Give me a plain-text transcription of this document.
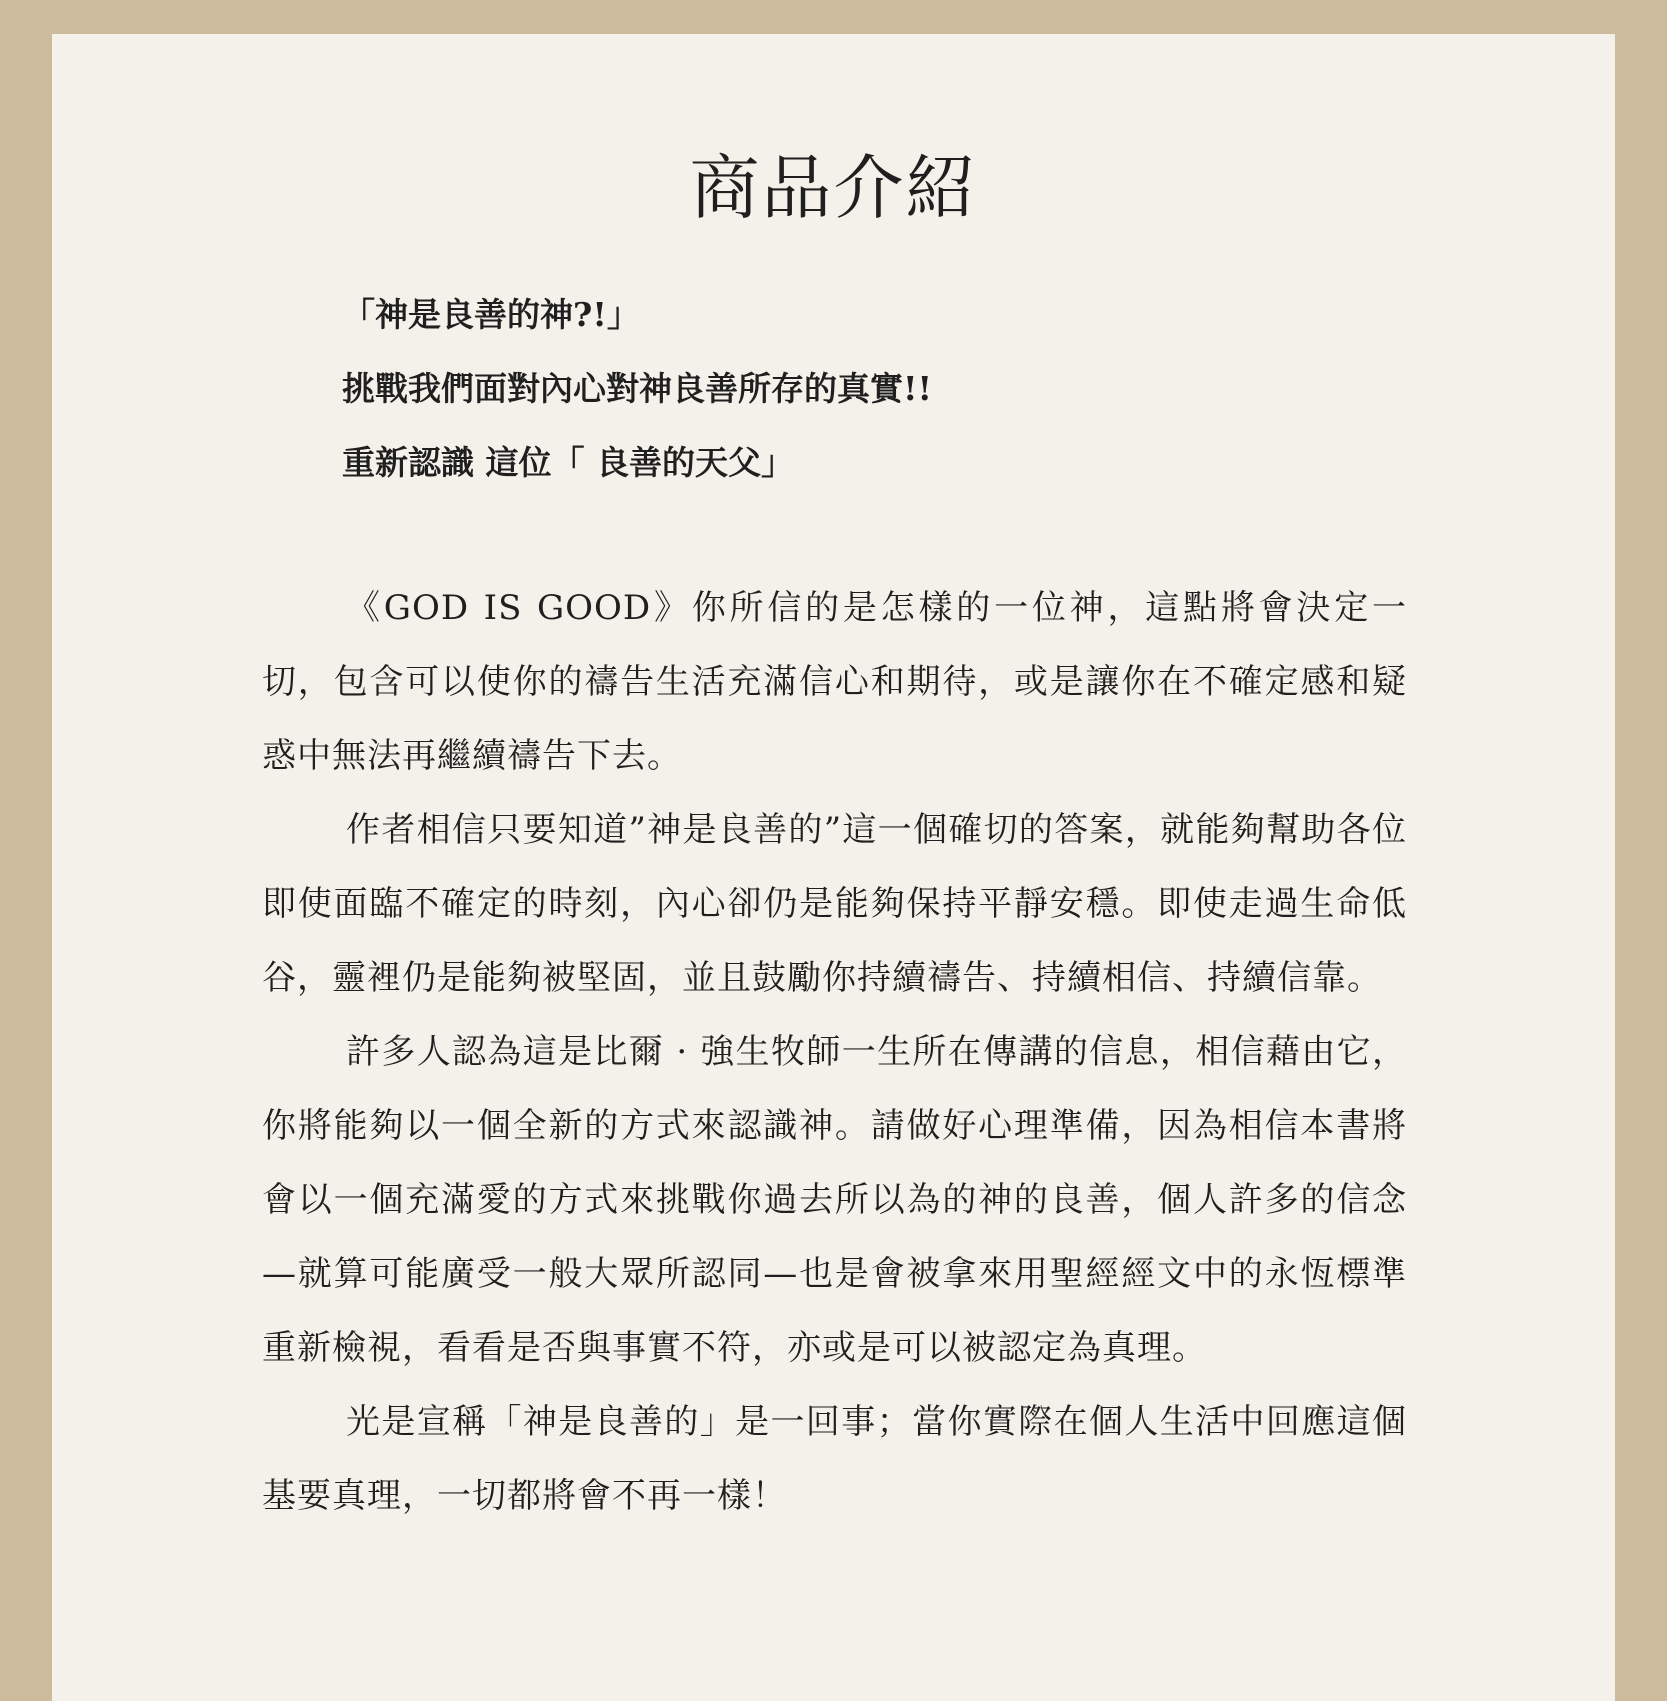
商品介紹

「神是良善的神?!」

挑戰我們面對內心對神良善所存的真實!!

重新認識 這位「 良善的天父」

《GOD IS GOOD》你所信的是怎樣的一位神，這點將會決定一切，包含可以使你的禱告生活充滿信心和期待，或是讓你在不確定感和疑惑中無法再繼續禱告下去。

作者相信只要知道”神是良善的”這一個確切的答案，就能夠幫助各位即使面臨不確定的時刻，內心卻仍是能夠保持平靜安穩。即使走過生命低谷，靈裡仍是能夠被堅固，並且鼓勵你持續禱告、持續相信、持續信靠。

許多人認為這是比爾 · 強生牧師一生所在傳講的信息，相信藉由它，你將能夠以一個全新的方式來認識神。請做好心理準備，因為相信本書將會以一個充滿愛的方式來挑戰你過去所以為的神的良善，個人許多的信念—就算可能廣受一般大眾所認同—也是會被拿來用聖經經文中的永恆標準重新檢視，看看是否與事實不符，亦或是可以被認定為真理。

光是宣稱「神是良善的」是一回事；當你實際在個人生活中回應這個基要真理，一切都將會不再一樣！
